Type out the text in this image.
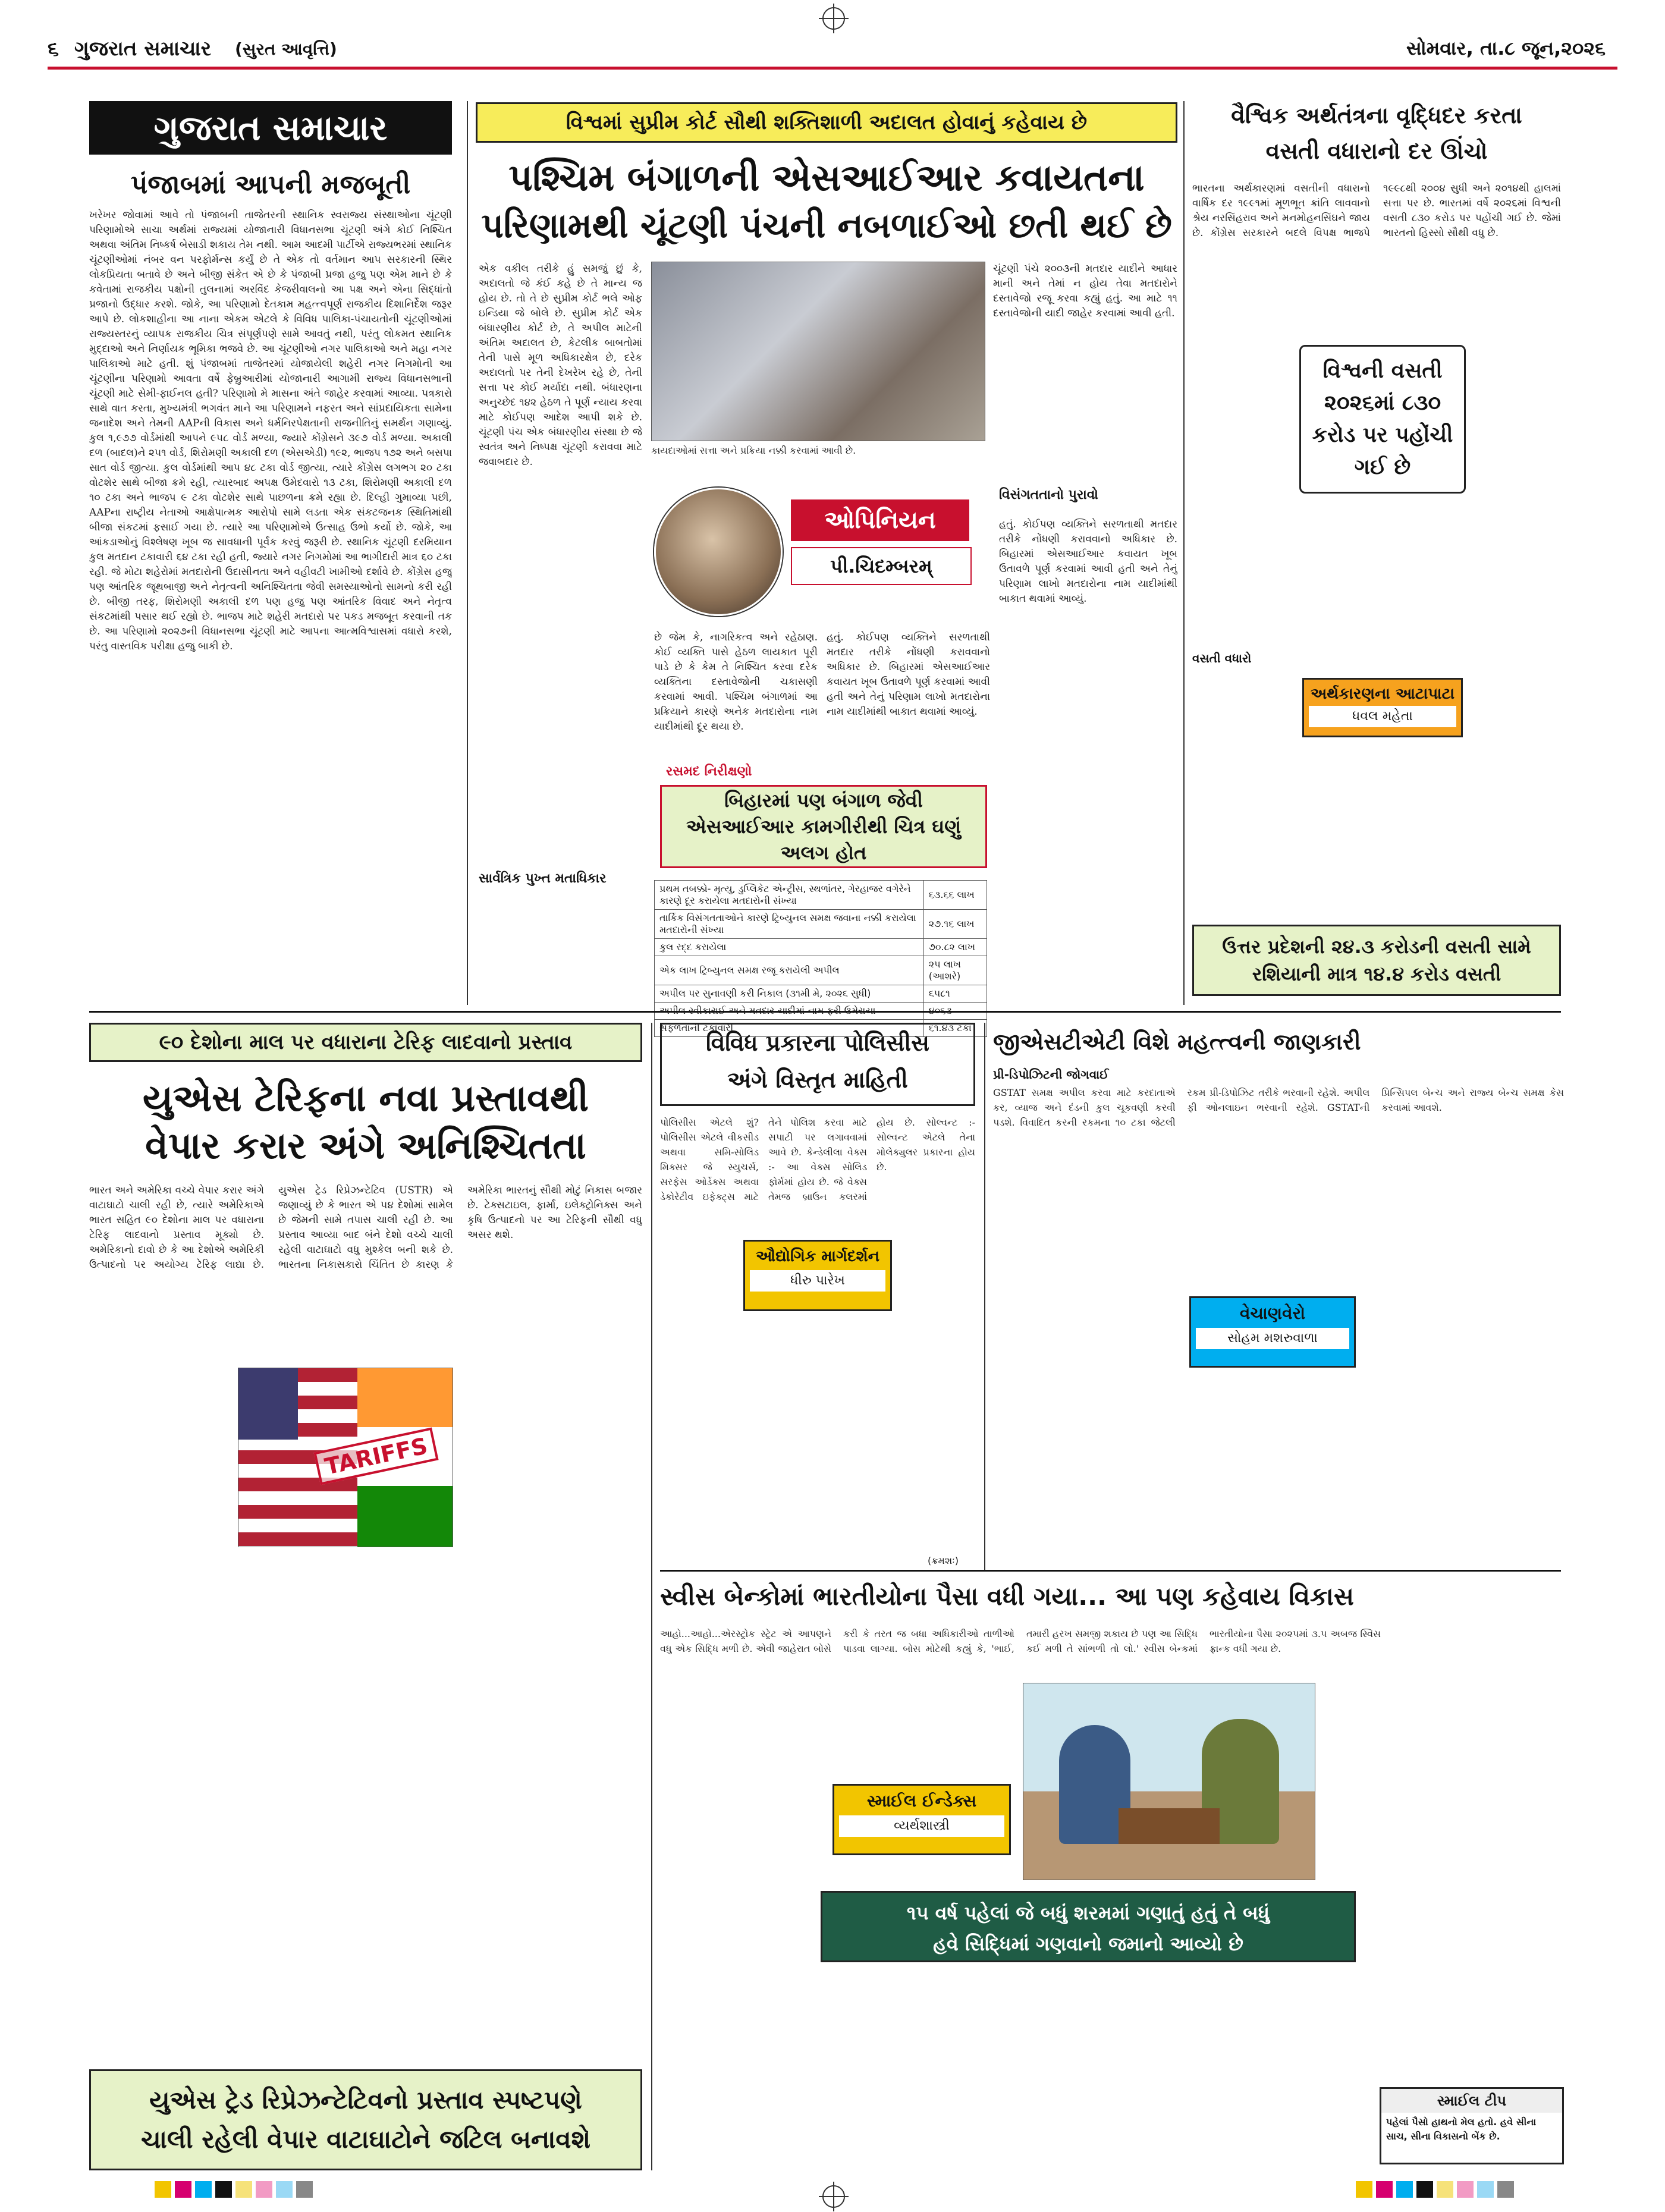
૬ ગુજરાત સમાચાર (સુરત આવૃત્તિ)	સોમવાર, તા.૮ જૂન,૨૦૨૬
ગુજરાત સમાચાર
પંજાબમાં આપની મજબૂતી
ખરેખર જોવામાં આવે તો પંજાબની તાજેતરની સ્થાનિક સ્વરાજ્ય સંસ્થાઓના ચૂંટણી પરિણામોએ સાચા અર્થમાં રાજ્યમાં યોજાનારી વિધાનસભા ચૂંટણી અંગે કોઈ નિશ્ચિત અથવા અંતિમ નિષ્કર્ષ બેસાડી શકાય તેમ નથી. આમ આદમી પાર્ટીએ રાજ્યભરમાં સ્થાનિક ચૂંટણીઓમાં નંબર વન પરફોર્મન્સ કર્યું છે તે એક તો વર્તમાન આપ સરકારની સ્થિર લોકપ્રિયતા બતાવે છે અને બીજી સંકેત એ છે કે પંજાબી પ્રજા હજુ પણ એમ માને છે કે કવેતામાં રાજકીય પક્ષોની તુલનામાં અરવિંદ કેજરીવાલનો આ પક્ષ અને એના સિદ્ધાંતો પ્રજાનો ઉદ્ધાર કરશે. જોકે, આ પરિણામો દેતકામ મહત્ત્વપૂર્ણ રાજકીય દિશાનિર્દેશ જરૂર આપે છે. લોકશાહીના આ નાના એકમ એટલે કે વિવિધ પાલિકા-પંચાયતોની ચૂંટણીઓમાં રાજ્યસ્તરનું વ્યાપક રાજકીય ચિત્ર સંપૂર્ણપણે સામે આવતું નથી, પરંતુ લોકમત સ્થાનિક મુદ્દાઓ અને નિર્ણાયક ભૂમિકા ભજવે છે. આ ચૂંટણીઓ નગર પાલિકાઓ અને મહા નગર પાલિકાઓ માટે હતી. શું પંજાબમાં તાજેતરમાં યોજાયેલી શહેરી નગર નિગમોની આ ચૂંટણીના પરિણામો આવતા વર્ષે ફેબ્રુઆરીમાં યોજાનારી આગામી રાજ્ય વિધાનસભાની ચૂંટણી માટે સેમી-ફાઈનલ હતી? પરિણામો મે માસના અંતે જાહેર કરવામાં આવ્યા. પત્રકારો સાથે વાત કરતા, મુખ્યમંત્રી ભગવંત માને આ પરિણામને નફરત અને સાંપ્રદાયિકતા સામેના જનાદેશ અને તેમની AAPની વિકાસ અને ધર્મનિરપેક્ષતાની રાજનીતિનું સમર્થન ગણાવ્યું. કુલ ૧,૯૭૭ વોર્ડમાંથી આપને ૯૫૮ વોર્ડ મળ્યા, જ્યારે કોંગ્રેસને ૩૯૭ વોર્ડ મળ્યા. અકાલી દળ (બાદલ)ને ૨૫૧ વોર્ડ, શિરોમણી અકાલી દળ (એસએડી) ૧૯૨, ભાજપ ૧૭૨ અને બસપા સાત વોર્ડ જીત્યા. કુલ વોર્ડમાંથી આપ ૪૮ ટકા વોર્ડ જીત્યા, ત્યારે કોંગ્રેસ લગભગ ૨૦ ટકા વોટશેર સાથે બીજા ક્રમે રહી, ત્યારબાદ અપક્ષ ઉમેદવારો ૧૩ ટકા, શિરોમણી અકાલી દળ ૧૦ ટકા અને ભાજપ ૯ ટકા વોટશેર સાથે પાછળના ક્રમે રહ્યા છે. દિલ્હી ગુમાવ્યા પછી, AAPના રાષ્ટ્રીય નેતાઓ આક્ષેપાત્મક આરોપો સામે લડતા એક સંકટજનક સ્થિતિમાંથી બીજા સંકટમાં ફસાઈ ગયા છે. ત્યારે આ પરિણામોએ ઉત્સાહ ઉભો કર્યો છે. જોકે, આ આંકડાઓનું વિશ્લેષણ ખૂબ જ સાવધાની પૂર્વક કરવું જરૂરી છે. સ્થાનિક ચૂંટણી દરમિયાન કુલ મતદાન ટકાવારી ૬૪ ટકા રહી હતી, જ્યારે નગર નિગમોમાં આ ભાગીદારી માત્ર ૬૦ ટકા રહી. જે મોટા શહેરોમાં મતદારોની ઉદાસીનતા અને વહીવટી ખામીઓ દર્શાવે છે. કોંગ્રેસ હજુ પણ આંતરિક જૂથબાજી અને નેતૃત્વની અનિશ્ચિતતા જેવી સમસ્યાઓનો સામનો કરી રહી છે. બીજી તરફ, શિરોમણી અકાલી દળ પણ હજુ પણ આંતરિક વિવાદ અને નેતૃત્વ સંકટમાંથી પસાર થઈ રહ્યો છે. ભાજપ માટે શહેરી મતદારો પર પકડ મજબૂત કરવાની તક છે. આ પરિણામો ૨૦૨૭ની વિધાનસભા ચૂંટણી માટે આપના આત્મવિશ્વાસમાં વધારો કરશે, પરંતુ વાસ્તવિક પરીક્ષા હજુ બાકી છે.
વિશ્વમાં સુપ્રીમ કોર્ટ સૌથી શક્તિશાળી અદાલત હોવાનું કહેવાય છે
પશ્ચિમ બંગાળની એસઆઈઆર કવાયતના
પરિણામથી ચૂંટણી પંચની નબળાઈઓ છતી થઈ છે
એક વકીલ તરીકે હું સમજું છું કે, અદાલતો જે કંઈ કહે છે તે માન્ય જ હોય છે. તો તે છે સુપ્રીમ કોર્ટ ભલે ઓફ ઇન્ડિયા જે બોલે છે. સુપ્રીમ કોર્ટ એક બંધારણીય કોર્ટ છે, તે અપીલ માટેની અંતિમ અદાલત છે, કેટલીક બાબતોમાં તેની પાસે મૂળ અધિકારક્ષેત્ર છે, દરેક અદાલતો પર તેની દેખરેખ રહે છે, તેની સત્તા પર કોઈ મર્યાદા નથી. બંધારણના અનુચ્છેદ ૧૪૨ હેઠળ તે પૂર્ણ ન્યાય કરવા માટે કોઈપણ આદેશ આપી શકે છે. ચૂંટણી પંચ એક બંધારણીય સંસ્થા છે જે સ્વતંત્ર અને નિષ્પક્ષ ચૂંટણી કરાવવા માટે જવાબદાર છે.
કાયદાઓમાં સત્તા અને પ્રક્રિયા નક્કી કરવામાં આવી છે.
ચૂંટણી પંચે ૨૦૦૩ની મતદાર યાદીને આધાર માની અને તેમાં ન હોય તેવા મતદારોને દસ્તાવેજો રજૂ કરવા કહ્યું હતું. આ માટે ૧૧ દસ્તાવેજોની યાદી જાહેર કરવામાં આવી હતી.
ઓપિનિયન
પી.ચિદમ્બરમ્
છે જેમ કે, નાગરિકત્વ અને રહેઠાણ. કોઈ વ્યક્તિ પાસે હેઠળ લાયકાત પૂરી પાડે છે કે કેમ તે નિશ્ચિત કરવા દરેક વ્યક્તિના દસ્તાવેજોની ચકાસણી કરવામાં આવી. પશ્ચિમ બંગાળમાં આ પ્રક્રિયાને કારણે અનેક મતદારોના નામ યાદીમાંથી દૂર થયા છે.
હતું. કોઈપણ વ્યક્તિને સરળતાથી મતદાર તરીકે નોંધણી કરાવવાનો અધિકાર છે. બિહારમાં એસઆઈઆર કવાયત ખૂબ ઉતાવળે પૂર્ણ કરવામાં આવી હતી અને તેનું પરિણામ લાખો મતદારોના નામ યાદીમાંથી બાકાત થવામાં આવ્યું.
સાર્વત્રિક પુખ્ત મતાધિકાર
વિસંગતતાનો પુરાવો
રસમદ નિરીક્ષણો
બિહારમાં પણ બંગાળ જેવી એસઆઈઆર કામગીરીથી ચિત્ર ઘણું અલગ હોત
હતું. કોઈપણ વ્યક્તિને સરળતાથી મતદાર તરીકે નોંધણી કરાવવાનો અધિકાર છે. બિહારમાં એસઆઈઆર કવાયત ખૂબ ઉતાવળે પૂર્ણ કરવામાં આવી હતી અને તેનું પરિણામ લાખો મતદારોના નામ યાદીમાંથી બાકાત થવામાં આવ્યું.
પ્રથમ તબક્કો- મૃત્યુ, ડુપ્લિકેટ એન્ટ્રીસ, સ્થળાંતર, ગેરહાજર વગેરેને કારણે દૂર કરાયેલા મતદારોની સંખ્યા	૬૩.૬૬ લાખ
તાર્કિક વિસંગતતાઓને કારણે ટ્રિબ્યુનલ સમક્ષ જવાના નક્કી કરાયેલા મતદારોની સંખ્યા	૨૭.૧૬ લાખ
કુલ રદ્દ કરાયેલા	૭૦.૮૨ લાખ
એક લાખ ટ્રિબ્યુનલ સમક્ષ રજૂ કરાયેલી અપીલ	૨૫ લાખ (આશરે)
અપીલ પર સુનાવણી કરી નિકાલ (૩૧મી મે, ૨૦૨૬ સુધી)	૬૫૮૧

સફળતાની ટકાવારી	૬૧.૪૩ ટકા
વૈશ્વિક અર્થતંત્રના વૃદ્ધિદર કરતા
વસતી વધારાનો દર ઊંચો
ભારતના અર્થકારણમાં વસતીની વધારાનો વાર્ષિક દર ૧૯૯૧માં મૂળભૂત ક્રાંતિ લાવવાનો શ્રેય નરસિંહરાવ અને મનમોહનસિંઘને જાય છે. કોંગ્રેસ સરકારને બદલે વિપક્ષ ભાજપે ૧૯૯૮થી ૨૦૦૪ સુધી અને ૨૦૧૪થી હાલમાં સત્તા પર છે. ભારતમાં વર્ષે ૨૦૨૬માં વિશ્વની વસતી ૮૩૦ કરોડ પર પહોંચી ગઈ છે. જેમાં ભારતનો હિસ્સો સૌથી વધુ છે.
વિશ્વની વસતી ૨૦૨૬માં ૮૩૦ કરોડ પર પહોંચી ગઈ છે
અર્થકારણના આટાપાટા
ધવલ મહેતા
વસતી વધારો
ઉત્તર પ્રદેશની ૨૪.૩ કરોડની વસતી સામે રશિયાની માત્ર ૧૪.૪ કરોડ વસતી
૯૦ દેશોના માલ પર વધારાના ટેરિફ લાદવાનો પ્રસ્તાવ
યુએસ ટેરિફના નવા પ્રસ્તાવથી
વેપાર કરાર અંગે અનિશ્ચિતતા
ભારત અને અમેરિકા વચ્ચે વેપાર કરાર અંગે વાટાઘાટો ચાલી રહી છે, ત્યારે અમેરિકાએ ભારત સહિત ૯૦ દેશોના માલ પર વધારાના ટેરિફ લાદવાનો પ્રસ્તાવ મૂક્યો છે. અમેરિકાનો દાવો છે કે આ દેશોએ અમેરિકી ઉત્પાદનો પર અયોગ્ય ટેરિફ લાદ્યા છે. યુએસ ટ્રેડ રિપ્રેઝન્ટેટિવ (USTR) એ જણાવ્યું છે કે ભારત એ ૫૪ દેશોમાં સામેલ છે જેમની સામે તપાસ ચાલી રહી છે. આ પ્રસ્તાવ આવ્યા બાદ બંને દેશો વચ્ચે ચાલી રહેલી વાટાઘાટો વધુ મુશ્કેલ બની શકે છે. ભારતના નિકાસકારો ચિંતિત છે કારણ કે અમેરિકા ભારતનું સૌથી મોટું નિકાસ બજાર છે. ટેક્સટાઇલ, ફાર્મા, ઇલેક્ટ્રોનિક્સ અને કૃષિ ઉત્પાદનો પર આ ટેરિફની સૌથી વધુ અસર થશે.
TARIFFS
યુએસ ટ્રેડ રિપ્રેઝન્ટેટિવનો પ્રસ્તાવ સ્પષ્ટપણે
ચાલી રહેલી વેપાર વાટાઘાટોને જટિલ બનાવશે
વિવિધ પ્રકારના પોલિસીસ
અંગે વિસ્તૃત માહિતી
પોલિસીસ એટલે શું? પોલિસીસ એટલે વીકસીડ અથવા સમિ-સોલિડ મિક્સર જે સ્યુચર્સ, સરફેસ ઓર્ડેક્સ અથવા ડેકોરેટીવ ઇફેક્ટ્સ માટે તેને પોલિશ કરવા માટે સપાટી પર લગાવવામાં આવે છે. કેન્ડેલીલા વેક્સ :- આ વેક્સ સોલિડ ફોર્મમાં હોય છે. જે વેક્સ તેમજ બ્રાઉન કલરમાં હોય છે. સોલ્વન્ટ :- સોલ્વન્ટ એટલે તેના મોલેક્યુલર પ્રકારના હોય છે.
ઔદ્યોગિક માર્ગદર્શન
ધીરુ પારેખ
(ક્રમશઃ)
જીએસટીએટી વિશે મહત્ત્વની જાણકારી
પ્રી-ડિપોઝિટની જોગવાઈ
GSTAT સમક્ષ અપીલ કરવા માટે કરદાતાએ કર, વ્યાજ અને દંડની કુલ ચૂકવણી કરવી પડશે. વિવાદિત કરની રકમના ૧૦ ટકા જેટલી રકમ પ્રી-ડિપોઝિટ તરીકે ભરવાની રહેશે. અપીલ ફી ઓનલાઇન ભરવાની રહેશે. GSTATની પ્રિન્સિપલ બેન્ચ અને રાજ્ય બેન્ચ સમક્ષ કેસ કરવામાં આવશે.
વેચાણવેરો
સોહમ મશરુવાળા
સ્વીસ બેન્કોમાં ભારતીયોના પૈસા વધી ગયા... આ પણ કહેવાય વિકાસ
આહો...આહો...એરસ્ટ્રોક સ્ટ્રેટ એ આપણને વધુ એક સિદ્ધિ મળી છે. એવી જાહેરાત બોસે કરી કે તરત જ બધા અધિકારીઓ તાળીઓ પાડવા લાગ્યા. બોસ મોટેથી કહ્યું કે, 'ભાઈ, તમારી હરખ સમજી શકાય છે પણ આ સિદ્ધિ કઈ મળી તે સાંભળી તો લો.' સ્વીસ બેન્કમાં ભારતીયોના પૈસા ૨૦૨૫માં ૩.૫ અબજ સ્વિસ ફ્રાન્ક વધી ગયા છે.
સ્માઈલ ઈન્ડેક્સ
વ્યર્થશાસ્ત્રી
૧૫ વર્ષ પહેલાં જે બધું શરમમાં ગણાતું હતું તે બધું
હવે સિદ્ધિમાં ગણવાનો જમાનો આવ્યો છે
સ્માઈલ ટીપ
પહેલાં પૈસો હાથનો મેલ હતો. હવે સીના સાચ, સીના વિકાસનો બેંક છે.
